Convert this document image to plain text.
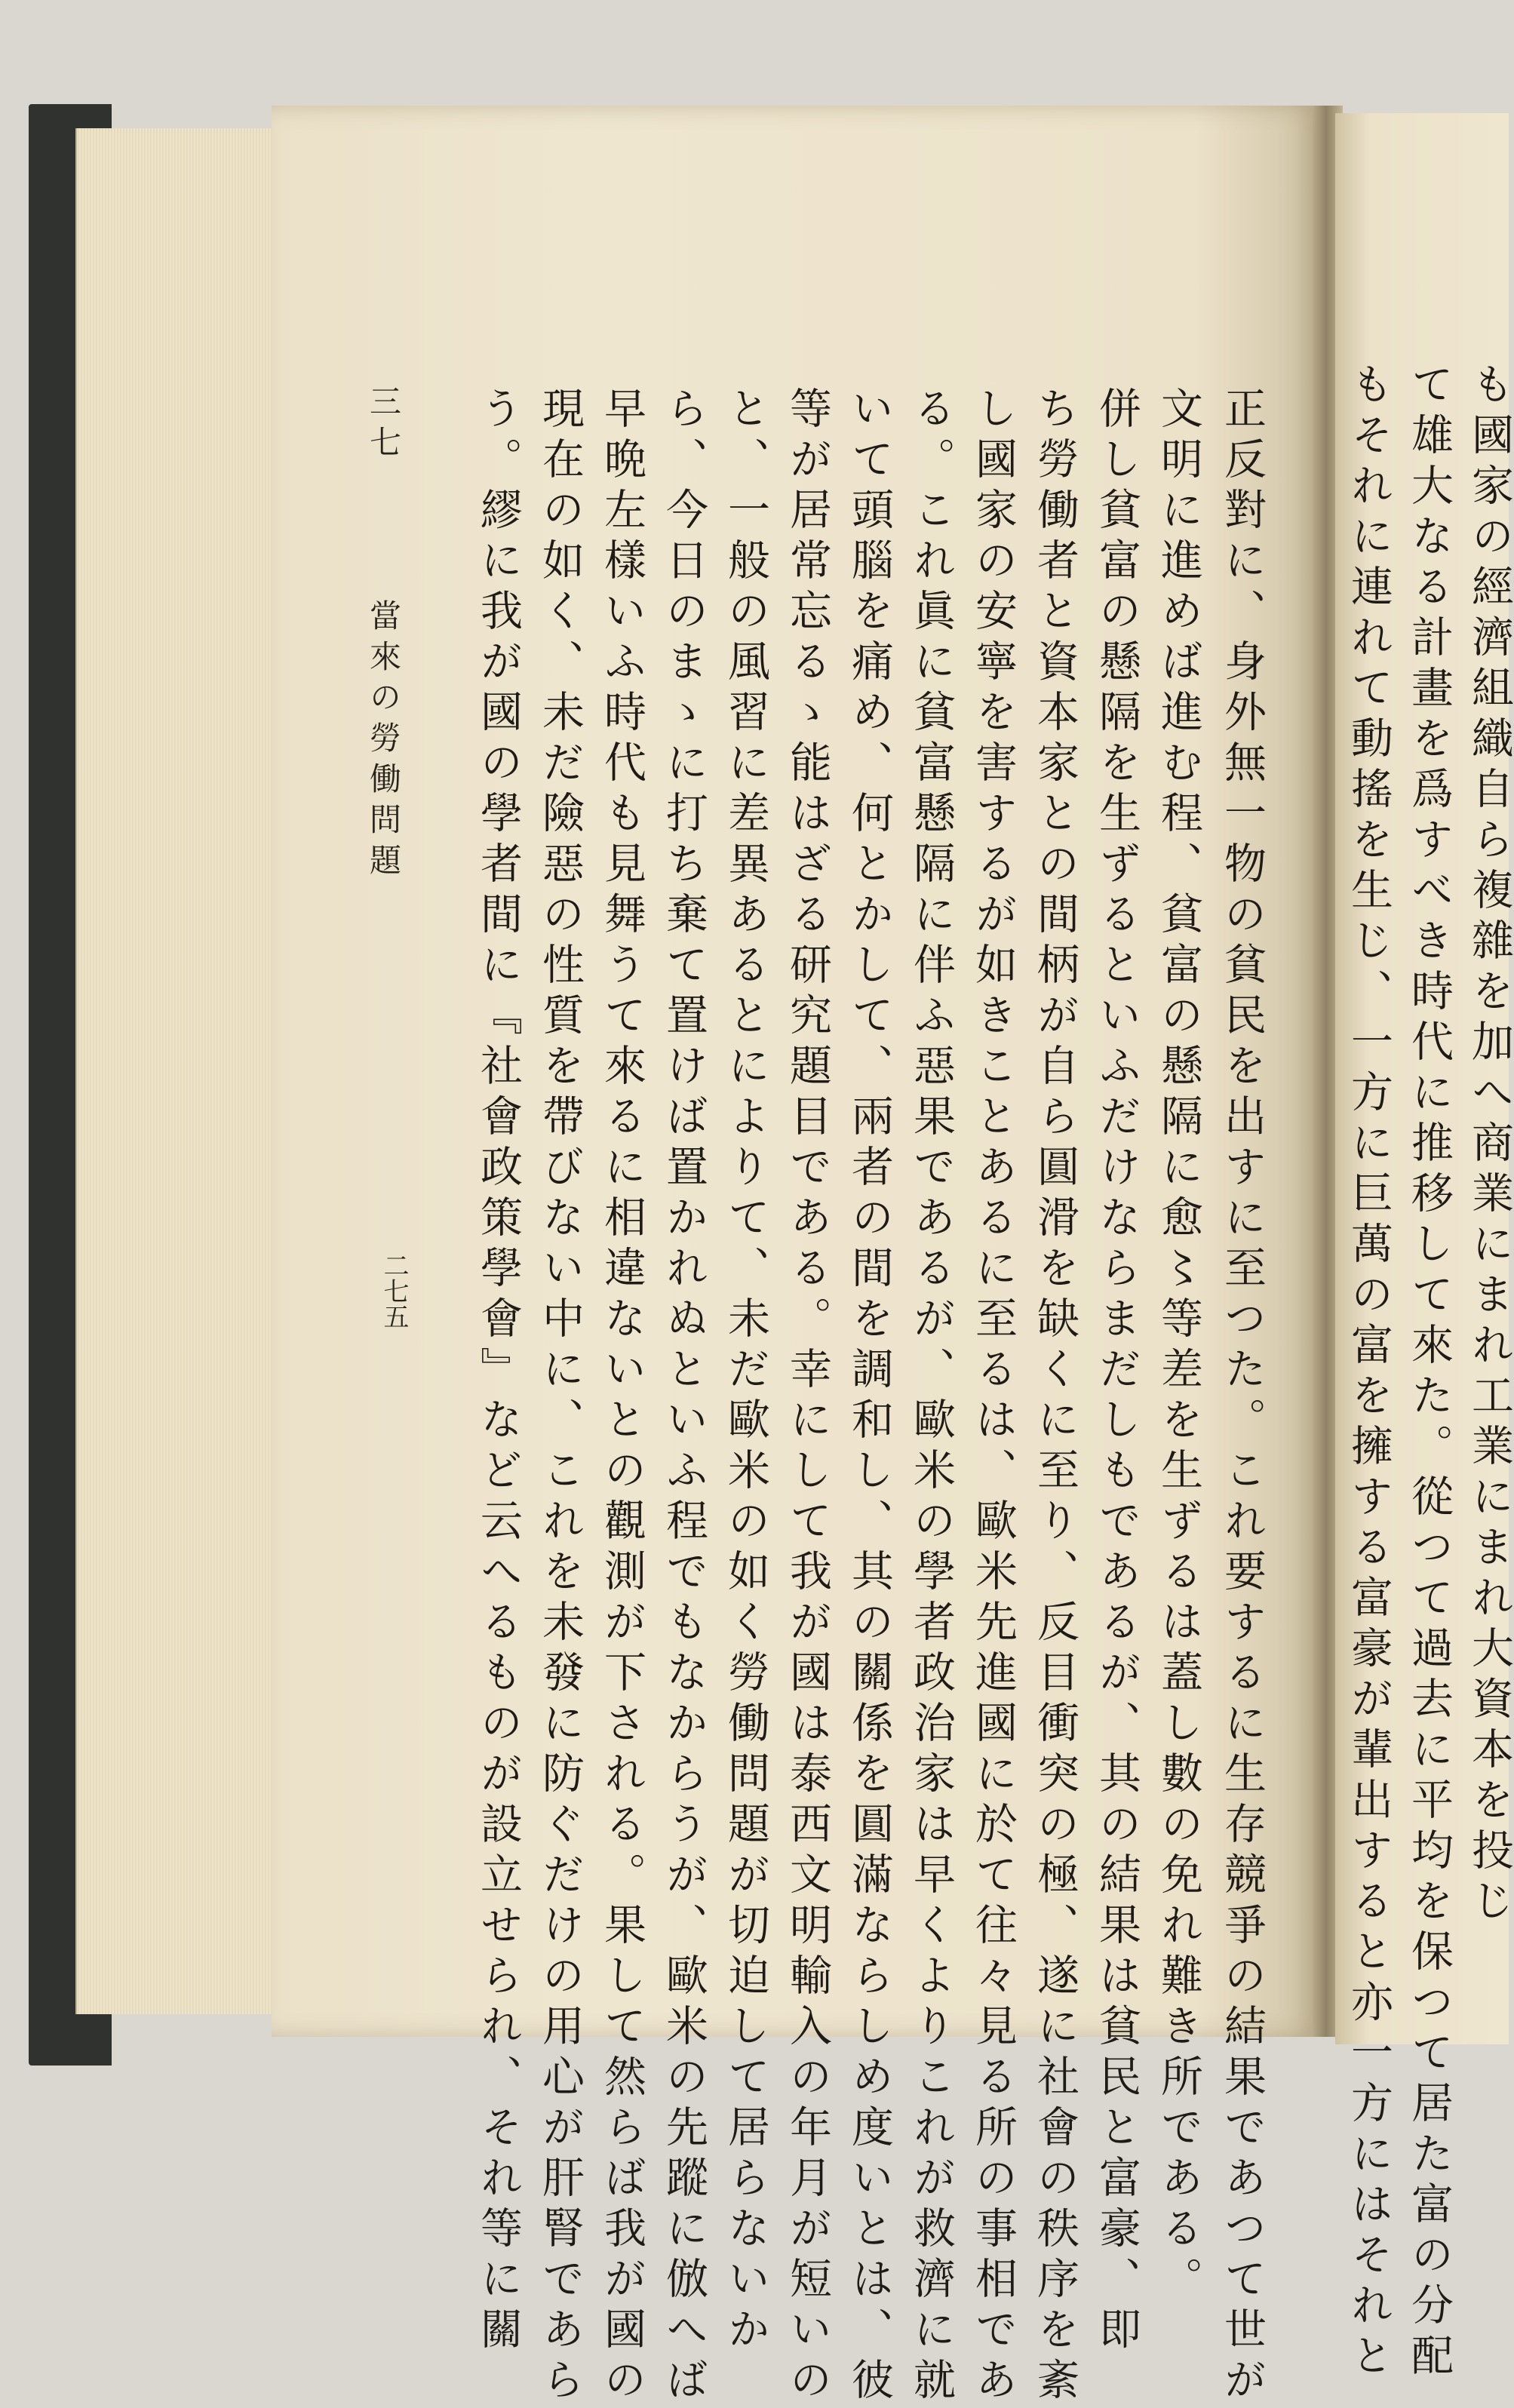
も國家の經濟組織自ら複雜を加へ商業にまれ工業にまれ大資本を投じ
て雄大なる計畫を爲すべき時代に推移して來た。從つて過去に平均を保つて居た富の分配
もそれに連れて動搖を生じ、一方に巨萬の富を擁する富豪が輩出すると亦一方にはそれと
正反對に、身外無一物の貧民を出すに至つた。これ要するに生存競爭の結果であつて世が
文明に進めば進む程、貧富の懸隔に愈〻等差を生ずるは蓋し數の免れ難き所である。
併し貧富の懸隔を生ずるといふだけならまだしもであるが、其の結果は貧民と富豪、即
ち勞働者と資本家との間柄が自ら圓滑を缺くに至り、反目衝突の極、遂に社會の秩序を紊
し國家の安寧を害するが如きことあるに至るは、歐米先進國に於て往々見る所の事相であ
る。これ眞に貧富懸隔に伴ふ惡果であるが、歐米の學者政治家は早くよりこれが救濟に就
いて頭腦を痛め、何とかして、兩者の間を調和し、其の關係を圓滿ならしめ度いとは、彼
等が居常忘るゝ能はざる研究題目である。幸にして我が國は泰西文明輸入の年月が短いの
と、一般の風習に差異あるとによりて、未だ歐米の如く勞働問題が切迫して居らないか
ら、今日のまゝに打ち棄て置けば置かれぬといふ程でもなからうが、歐米の先蹤に倣へば
早晩左樣いふ時代も見舞うて來るに相違ないとの觀測が下される。果して然らば我が國の
現在の如く、未だ險惡の性質を帶びない中に、これを未發に防ぐだけの用心が肝腎であら
う。繆に我が國の學者間に『社會政策學會』など云へるものが設立せられ、それ等に關
三七 　 當來の勞働問題
二七五
